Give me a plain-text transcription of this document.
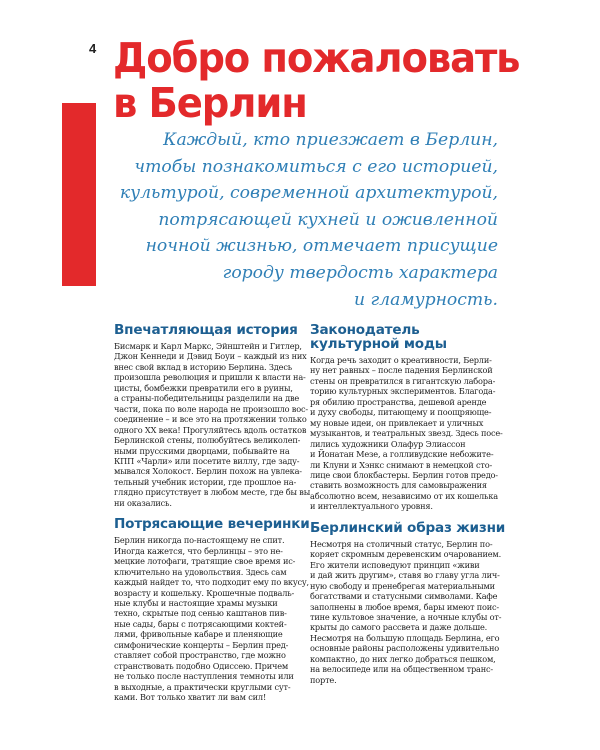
4 Добро пожаловать
в Берлин
Каждый, кто приезжает в Берлин,
чтобы познакомиться с его историей,
культурой, современной архитектурой,
потрясающей кухней и оживленной
ночной жизнью, отмечает присущие
городу твердость характера
и гламурность.
Впечатляющая история

Бисмарк и Карл Маркс, Эйнштейн и Гитлер,
Джон Кеннеди и Дэвид Боуи – каждый из них
внес свой вклад в историю Берлина. Здесь
произошла революция и пришли к власти на-
цисты, бомбежки превратили его в руины,
а страны-победительницы разделили на две
части, пока по воле народа не произошло вос-
соединение – и все это на протяжении только
одного XX века! Прогуляйтесь вдоль остатков
Берлинской стены, полюбуйтесь великолеп-
ными прусскими дворцами, побывайте на
КПП «Чарли» или посетите виллу, где заду-
мывался Холокост. Берлин похож на увлека-
тельный учебник истории, где прошлое на-
глядно присутствует в любом месте, где бы вы
ни оказались.

Потрясающие вечеринки

Берлин никогда по-настоящему не спит.
Иногда кажется, что берлинцы – это не-
мецкие лотофаги, тратящие свое время ис-
ключительно на удовольствия. Здесь сам
каждый найдет то, что подходит ему по вкусу,
возрасту и кошельку. Крошечные подваль-
ные клубы и настоящие храмы музыки
техно, скрытые под сенью каштанов пив-
ные сады, бары с потрясающими коктей-
лями, фривольные кабаре и пленяющие
симфонические концерты – Берлин пред-
ставляет собой пространство, где можно
странствовать подобно Одиссею. Причем
не только после наступления темноты или
в выходные, а практически круглыми сут-
ками. Вот только хватит ли вам сил!

Законодатель
культурной моды

Когда речь заходит о креативности, Берли-
ну нет равных – после падения Берлинской
стены он превратился в гигантскую лабора-
торию культурных экспериментов. Благода-
ря обилию пространства, дешевой аренде
и духу свободы, питающему и поощряюще-
му новые идеи, он привлекает и уличных
музыкантов, и театральных звезд. Здесь посе-
лились художники Олафур Элиассон
и Йонатан Мезе, а голливудские небожите-
ли Клуни и Хэнкс снимают в немецкой сто-
лице свои блокбастеры. Берлин готов предо-
ставить возможность для самовыражения
абсолютно всем, независимо от их кошелька
и интеллектуального уровня.

Берлинский образ жизни

Несмотря на столичный статус, Берлин по-
коряет скромным деревенским очарованием.
Его жители исповедуют принцип «живи
и дай жить другим», ставя во главу угла лич-
ную свободу и пренебрегая материальными
богатствами и статусными символами. Кафе
заполнены в любое время, бары имеют поис-
тине культовое значение, а ночные клубы от-
крыты до самого рассвета и даже дольше.
Несмотря на большую площадь Берлина, его
основные районы расположены удивительно
компактно, до них легко добраться пешком,
на велосипеде или на общественном транс-
порте.
